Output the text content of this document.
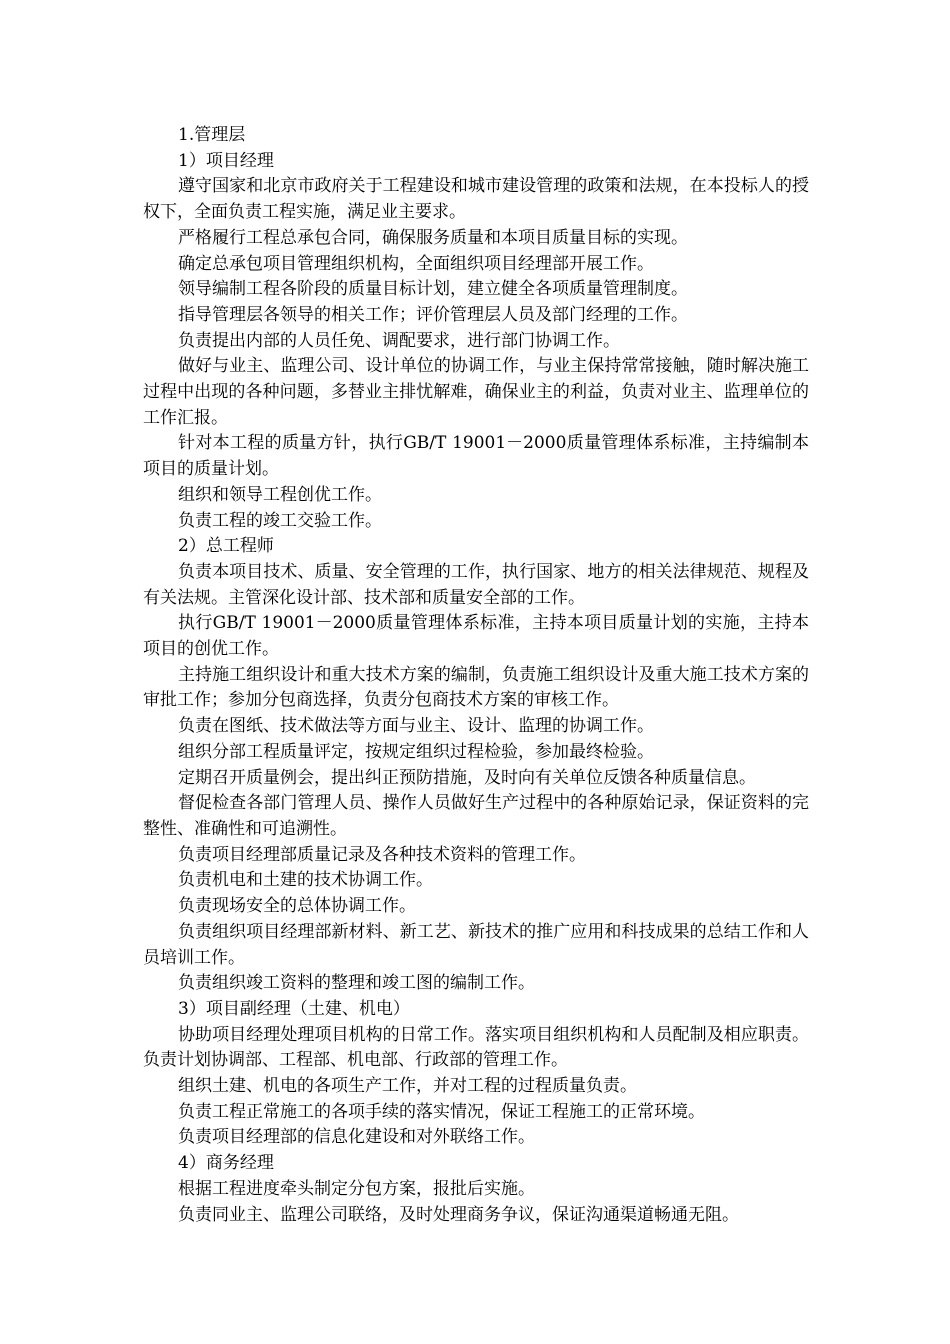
1.管理层

1）项目经理

遵守国家和北京市政府关于工程建设和城市建设管理的政策和法规，在本投标人的授权下，全面负责工程实施，满足业主要求。

严格履行工程总承包合同，确保服务质量和本项目质量目标的实现。

确定总承包项目管理组织机构，全面组织项目经理部开展工作。

领导编制工程各阶段的质量目标计划，建立健全各项质量管理制度。

指导管理层各领导的相关工作；评价管理层人员及部门经理的工作。

负责提出内部的人员任免、调配要求，进行部门协调工作。

做好与业主、监理公司、设计单位的协调工作，与业主保持常常接触，随时解决施工过程中出现的各种问题，多替业主排忧解难，确保业主的利益，负责对业主、监理单位的工作汇报。

针对本工程的质量方针，执行GB/T 19001－2000质量管理体系标准，主持编制本项目的质量计划。

组织和领导工程创优工作。

负责工程的竣工交验工作。

2）总工程师

负责本项目技术、质量、安全管理的工作，执行国家、地方的相关法律规范、规程及有关法规。主管深化设计部、技术部和质量安全部的工作。

执行GB/T 19001－2000质量管理体系标准，主持本项目质量计划的实施，主持本项目的创优工作。

主持施工组织设计和重大技术方案的编制，负责施工组织设计及重大施工技术方案的审批工作；参加分包商选择，负责分包商技术方案的审核工作。

负责在图纸、技术做法等方面与业主、设计、监理的协调工作。

组织分部工程质量评定，按规定组织过程检验，参加最终检验。

定期召开质量例会，提出纠正预防措施，及时向有关单位反馈各种质量信息。

督促检查各部门管理人员、操作人员做好生产过程中的各种原始记录，保证资料的完整性、准确性和可追溯性。

负责项目经理部质量记录及各种技术资料的管理工作。

负责机电和土建的技术协调工作。

负责现场安全的总体协调工作。

负责组织项目经理部新材料、新工艺、新技术的推广应用和科技成果的总结工作和人员培训工作。

负责组织竣工资料的整理和竣工图的编制工作。

3）项目副经理（土建、机电）

协助项目经理处理项目机构的日常工作。落实项目组织机构和人员配制及相应职责。负责计划协调部、工程部、机电部、行政部的管理工作。

组织土建、机电的各项生产工作，并对工程的过程质量负责。

负责工程正常施工的各项手续的落实情况，保证工程施工的正常环境。

负责项目经理部的信息化建设和对外联络工作。

4）商务经理

根据工程进度牵头制定分包方案，报批后实施。

负责同业主、监理公司联络，及时处理商务争议，保证沟通渠道畅通无阻。
